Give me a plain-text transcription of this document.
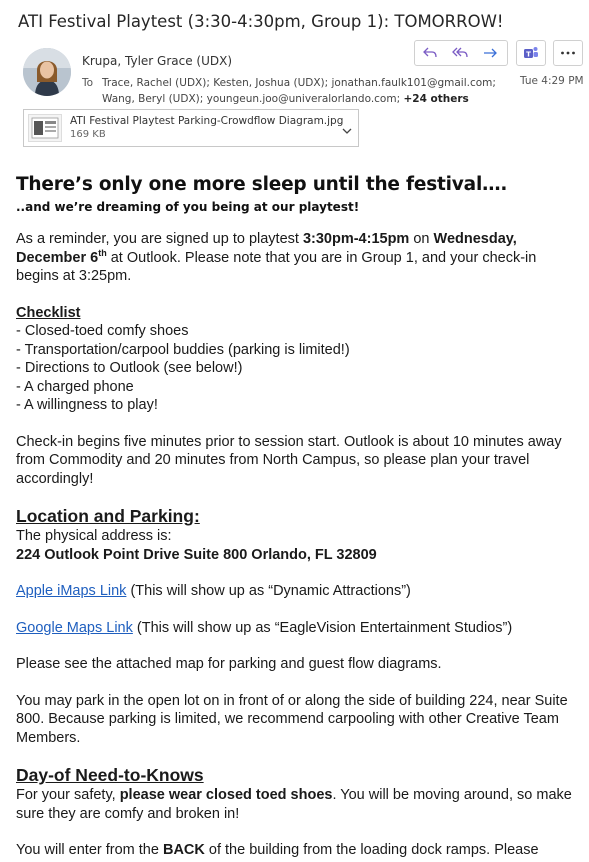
ATI Festival Playtest (3:30-4:30pm, Group 1): TOMORROW!
Krupa, Tyler Grace (UDX)
To Trace, Rachel (UDX); Kesten, Joshua (UDX); jonathan.faulk101@gmail.com;
Wang, Beryl (UDX); youngeun.joo@univeralorlando.com; +24 others
T
Tue 4:29 PM
ATI Festival Playtest Parking-Crowdflow Diagram.jpg
169 KB
There’s only one more sleep until the festival….
..and we’re dreaming of you being at our playtest!
As a reminder, you are signed up to playtest 3:30pm-4:15pm on Wednesday, December 6th at Outlook. Please note that you are in Group 1, and your check-in begins at 3:25pm.
Checklist
- Closed-toed comfy shoes
- Transportation/carpool buddies (parking is limited!)
- Directions to Outlook (see below!)
- A charged phone
- A willingness to play!
Check-in begins five minutes prior to session start. Outlook is about 10 minutes away from Commodity and 20 minutes from North Campus, so please plan your travel accordingly!
Location and Parking:
The physical address is:
224 Outlook Point Drive Suite 800 Orlando, FL 32809
Apple iMaps Link (This will show up as “Dynamic Attractions”)
Google Maps Link (This will show up as “EagleVision Entertainment Studios”)
Please see the attached map for parking and guest flow diagrams.
You may park in the open lot on in front of or along the side of building 224, near Suite 800. Because parking is limited, we recommend carpooling with other Creative Team Members.
Day-of Need-to-Knows
For your safety, please wear closed toed shoes. You will be moving around, so make sure they are comfy and broken in!
You will enter from the BACK of the building from the loading dock ramps. Please
